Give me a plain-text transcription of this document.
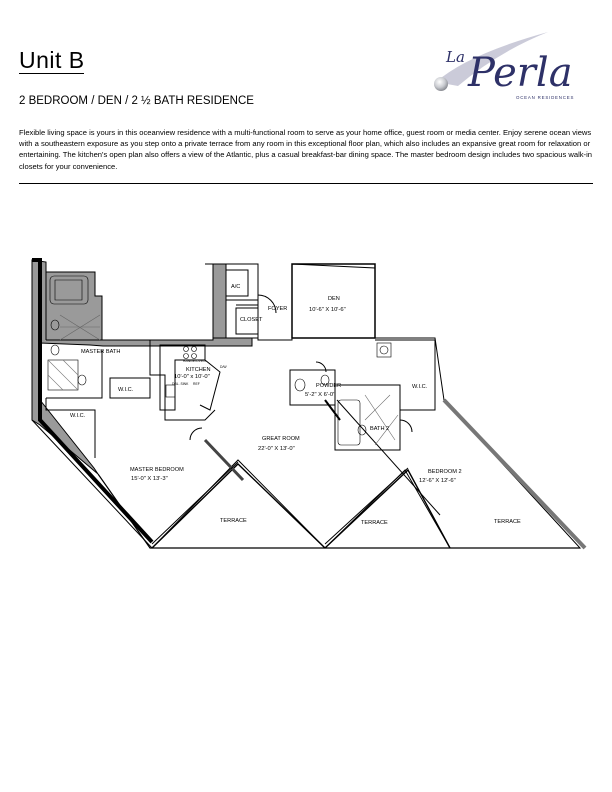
Unit B
2 BEDROOM / DEN / 2 ½ BATH RESIDENCE
Flexible living space is yours in this oceanview residence with a multi-functional room to serve as your home office, guest room or media center. Enjoy serene ocean views with a southeastern exposure as you step onto a private terrace from any room in this exceptional floor plan, which also includes an expansive great room for relaxation or entertaining. The kitchen's open plan also offers a view of the Atlantic, plus a casual breakfast-bar dining space. The master bedroom design includes two spacious walk-in closets for your convenience.
La Perla
OCEAN RESIDENCES
A/C
CLOSET
FOYER
DEN
10'-6" X 10'-6"
MASTER BATH
RANGE/OVEN
KITCHEN
10'-0" x 10'-0"
D/W
DBL. SINK REF
W.I.C.
W.I.C.
W.I.C.
POWDER
5'-2" X 6'-0"
BATH 2
GREAT ROOM
22'-0" X 13'-0"
MASTER BEDROOM
15'-0" X 13'-3"
BEDROOM 2
12'-6" X 12'-6"
TERRACE	TERRACE	TERRACE
